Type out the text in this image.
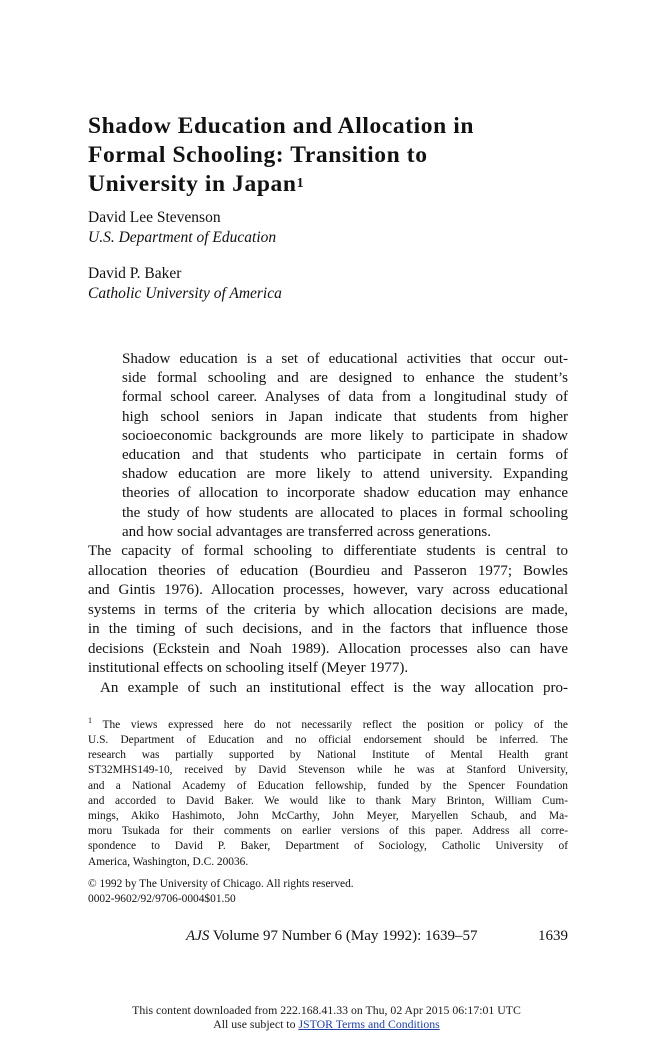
Shadow Education and Allocation in
Formal Schooling: Transition to
University in Japan$^1$
David Lee Stevenson
U.S. Department of Education
David P. Baker
Catholic University of America
Shadow education is a set of educational activities that occur out-
side formal schooling and are designed to enhance the student’s
formal school career. Analyses of data from a longitudinal study of
high school seniors in Japan indicate that students from higher
socioeconomic backgrounds are more likely to participate in shadow
education and that students who participate in certain forms of
shadow education are more likely to attend university. Expanding
theories of allocation to incorporate shadow education may enhance
the study of how students are allocated to places in formal schooling
and how social advantages are transferred across generations.
The capacity of formal schooling to differentiate students is central to
allocation theories of education (Bourdieu and Passeron 1977; Bowles
and Gintis 1976). Allocation processes, however, vary across educational
systems in terms of the criteria by which allocation decisions are made,
in the timing of such decisions, and in the factors that influence those
decisions (Eckstein and Noah 1989). Allocation processes also can have
institutional effects on schooling itself (Meyer 1977).
An example of such an institutional effect is the way allocation pro-
$^1$ The views expressed here do not necessarily reflect the position or policy of the
U.S. Department of Education and no official endorsement should be inferred. The
research was partially supported by National Institute of Mental Health grant
ST32MHS149-10, received by David Stevenson while he was at Stanford University,
and a National Academy of Education fellowship, funded by the Spencer Foundation
and accorded to David Baker. We would like to thank Mary Brinton, William Cum-
mings, Akiko Hashimoto, John McCarthy, John Meyer, Maryellen Schaub, and Ma-
moru Tsukada for their comments on earlier versions of this paper. Address all corre-
spondence to David P. Baker, Department of Sociology, Catholic University of
America, Washington, D.C. 20036.
© 1992 by The University of Chicago. All rights reserved.
0002-9602/92/9706-0004$01.50
AJS Volume 97 Number 6 (May 1992): 1639–57	1639
This content downloaded from 222.168.41.33 on Thu, 02 Apr 2015 06:17:01 UTC
All use subject to JSTOR Terms and Conditions
